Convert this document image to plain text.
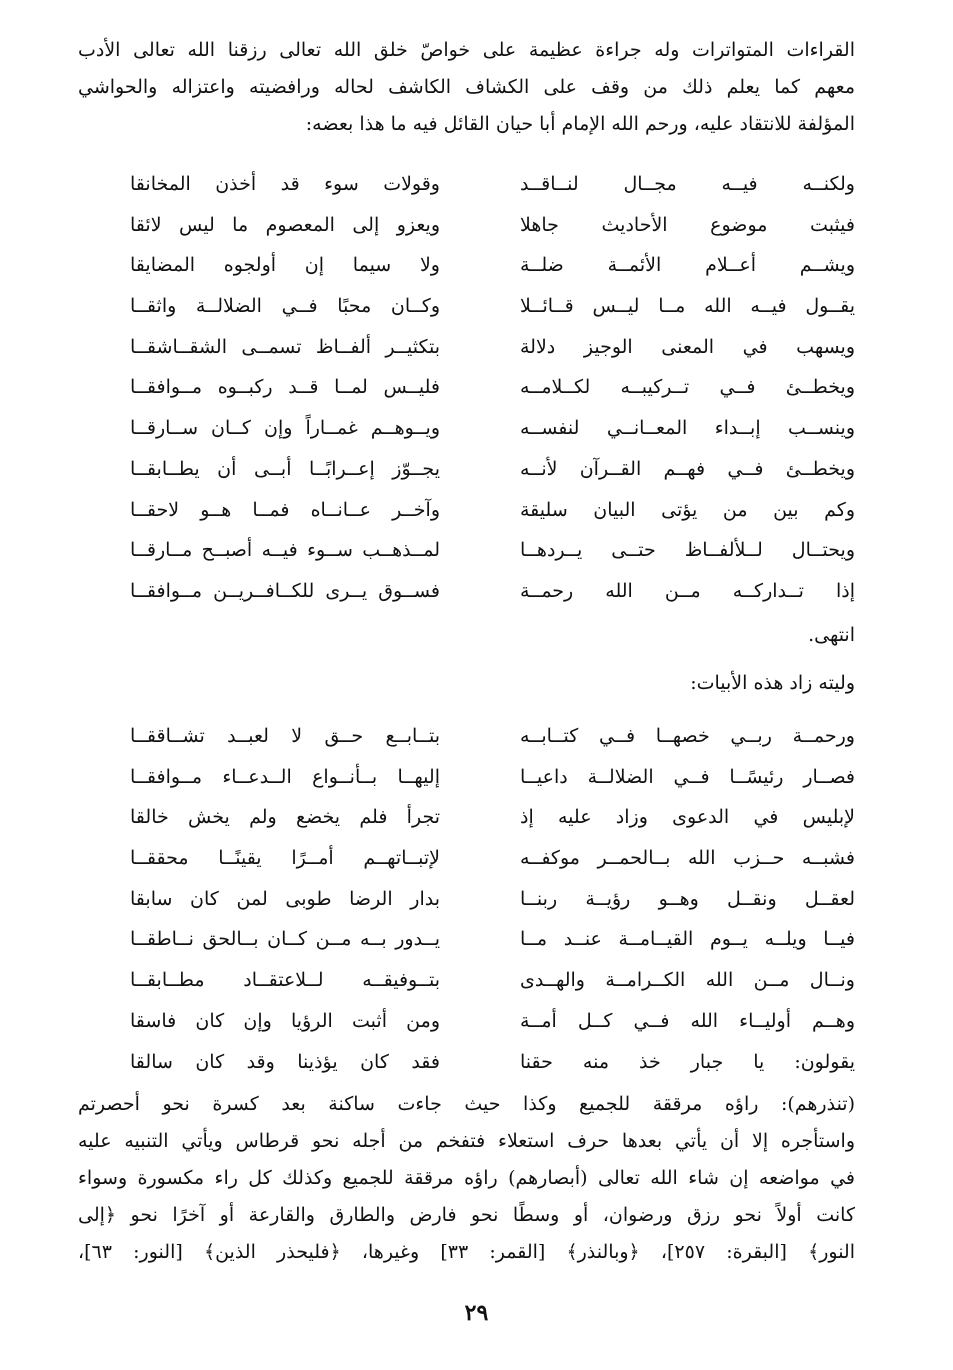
القراءات المتواترات وله جراءة عظيمة على خواصّ خلق الله تعالى رزقنا الله تعالى الأدب
معهم كما يعلم ذلك من وقف على الكشاف الكاشف لحاله ورافضيته واعتزاله والحواشي
المؤلفة للانتقاد عليه، ورحم الله الإمام أبا حيان القائل فيه ما هذا بعضه:
ولكنــه فيــه مجــال لنــاقــد
وقولات سوء قد أخذن المخانقا
فيثبت موضوع الأحاديث جاهلا
ويعزو إلى المعصوم ما ليس لائقا
ويشــم أعــلام الأئمــة ضلــة
ولا سيما إن أولجوه المضايقا
يقــول فيــه الله مــا ليــس قــائــلا
وكــان محبًا فــي الضلالــة واثقــا
ويسهب في المعنى الوجيز دلالة
بتكثيــر ألفــاظ تسمــى الشقــاشقــا
ويخطــئ فــي تــركيبــه لكــلامــه
فليــس لمــا قــد ركبــوه مــوافقــا
وينســب إبــداء المعــانــي لنفســه
ويــوهــم غمــاراً وإن كــان ســارقــا
ويخطــئ فــي فهــم القــرآن لأنــه
يجــوّز إعــرابًــا أبــى أن يطــابقــا
وكم بين من يؤتى البيان سليقة
وآخــر عــانــاه فمــا هــو لاحقــا
ويحتــال لــلألفــاظ حتــى يــردهــا
لمــذهــب ســوء فيــه أصبــح مــارقــا
إذا تــداركــه مــن الله رحمــة
فســوق يــرى للكــافــريــن مــوافقــا
انتهى.
وليته زاد هذه الأبيات:
ورحمــة ربــي خصهــا فــي كتــابــه
بتــابــع حــق لا لعبــد تشــاققــا
فصــار رئيسًــا فــي الضلالــة داعيــا
إليهــا بــأنــواع الــدعــاء مــوافقــا
لإبليس في الدعوى وزاد عليه إذ
تجرأ فلم يخضع ولم يخش خالقا
فشبــه حــزب الله بــالحمــر موكفــه
لإتبــاتهــم أمــرًا يقينًــا محققــا
لعقــل ونقــل وهــو رؤيــة ربنــا
بدار الرضا طوبى لمن كان سابقا
فيــا ويلــه يــوم القيــامــة عنــد مــا
يــدور بــه مــن كــان بــالحق نــاطقــا
ونــال مــن الله الكــرامــة والهــدى
بتــوفيقــه لــلاعتقــاد مطــابقــا
وهــم أوليــاء الله فــي كــل أمــة
ومن أثبت الرؤيا وإن كان فاسقا
يقولون: يا جبار خذ منه حقنا
فقد كان يؤذينا وقد كان سالقا
(تنذرهم): راؤه مرققة للجميع وكذا حيث جاءت ساكنة بعد كسرة نحو أحصرتم
واستأجره إلا أن يأتي بعدها حرف استعلاء فتفخم من أجله نحو قرطاس ويأتي التنبيه عليه
في مواضعه إن شاء الله تعالى (أبصارهم) راؤه مرققة للجميع وكذلك كل راء مكسورة وسواء
كانت أولاً نحو رزق ورضوان، أو وسطًا نحو فارض والطارق والقارعة أو آخرًا نحو ﴿إلى
النور﴾ [البقرة: ٢٥٧]، ﴿وبالنذر﴾ [القمر: ٣٣] وغيرها، ﴿فليحذر الذين﴾ [النور: ٦٣]،
٢٩
